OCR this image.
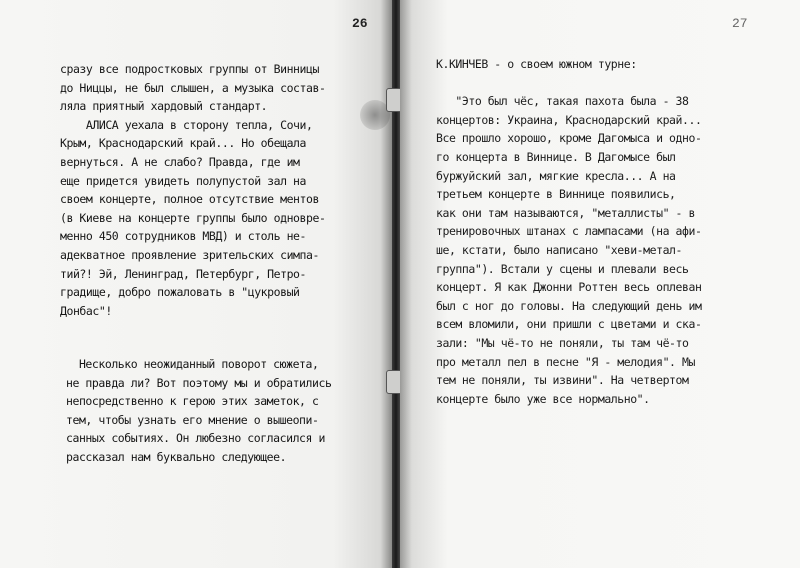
26
сразу все подростковых группы от Винницы
до Ниццы, не был слышен, а музыка состав-
ляла приятный хардовый стандарт.
АЛИСА уехала в сторону тепла, Сочи,
Крым, Краснодарский край... Но обещала
вернуться. А не слабо? Правда, где им
еще придется увидеть полупустой зал на
своем концерте, полное отсутствие ментов
(в Киеве на концерте группы было одновре-
менно 450 сотрудников МВД) и столь не-
адекватное проявление зрительских симпа-
тий?! Эй, Ленинград, Петербург, Петро-
градище, добро пожаловать в "цукровый
Донбас"!
Несколько неожиданный поворот сюжета,
не правда ли? Вот поэтому мы и обратились
непосредственно к герою этих заметок, с
тем, чтобы узнать его мнение о вышеопи-
санных событиях. Он любезно согласился и
рассказал нам буквально следующее.
27
К.КИНЧЕВ - о своем южном турне:

"Это был чёс, такая пахота была - 38
концертов: Украина, Краснодарский край...
Все прошло хорошо, кроме Дагомыса и одно-
го концерта в Виннице. В Дагомысе был
буржуйский зал, мягкие кресла... А на
третьем концерте в Виннице появились,
как они там называются, "металлисты" - в
тренировочных штанах с лампасами (на афи-
ше, кстати, было написано "хеви-метал-
группа"). Встали у сцены и плевали весь
концерт. Я как Джонни Роттен весь оплеван
был с ног до головы. На следующий день им
всем вломили, они пришли с цветами и ска-
зали: "Мы чё-то не поняли, ты там чё-то
про металл пел в песне "Я - мелодия". Мы
тем не поняли, ты извини". На четвертом
концерте было уже все нормально".
